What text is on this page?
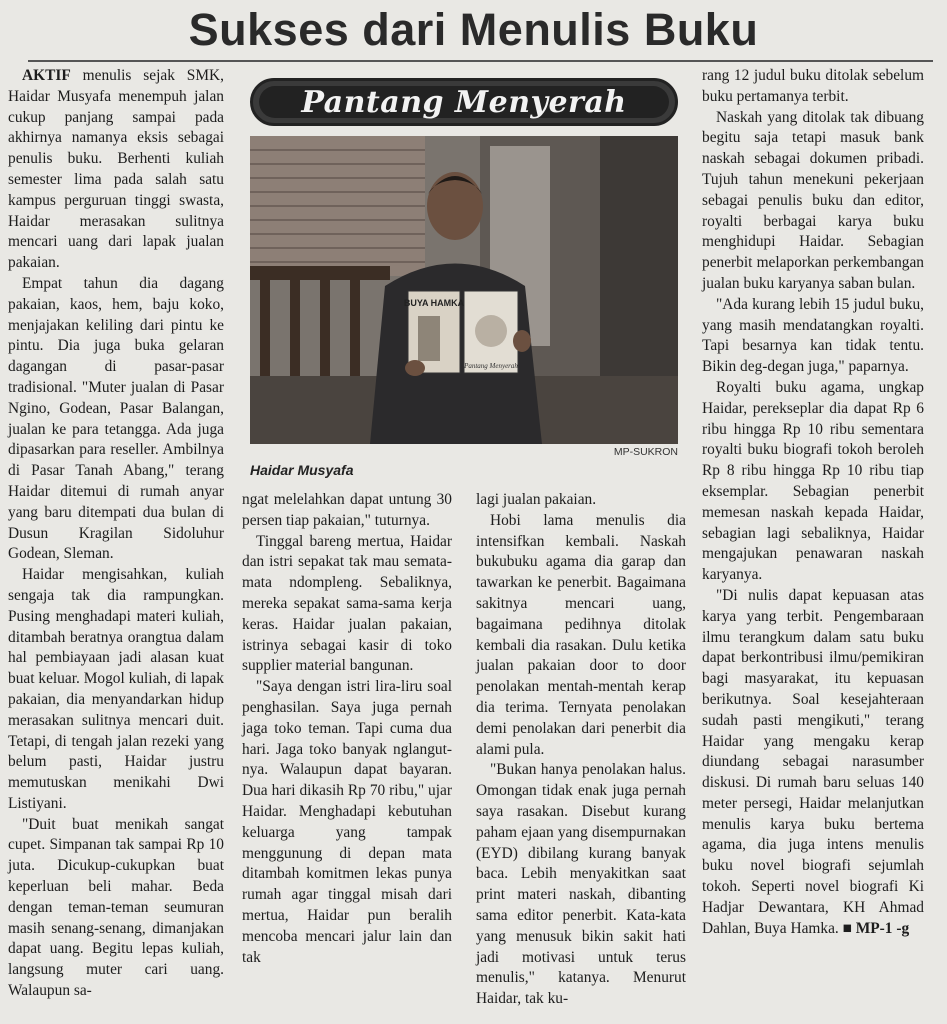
Sukses dari Menulis Buku

AKTIF menulis sejak SMK, Haidar Musyafa menempuh jalan cukup panjang sampai pada akhirnya namanya eksis sebagai penulis buku. Berhenti kuliah semester lima pada salah satu kampus perguruan tinggi swasta, Haidar merasakan sulitnya mencari uang dari lapak jualan pakaian.

Empat tahun dia dagang pakaian, kaos, hem, baju koko, menjajakan keliling dari pintu ke pintu. Dia juga buka gelaran dagangan di pasar-pasar tradisional. "Muter jualan di Pasar Ngino, Godean, Pasar Balangan, jualan ke para tetangga. Ada juga dipasarkan para reseller. Ambilnya di Pasar Tanah Abang," terang Haidar ditemui di rumah anyar yang baru ditempati dua bulan di Dusun Kragilan Sidoluhur Godean, Sleman.

Haidar mengisahkan, kuliah sengaja tak dia rampungkan. Pusing menghadapi materi kuliah, ditambah beratnya orangtua dalam hal pembiayaan jadi alasan kuat buat keluar. Mogol kuliah, di lapak pakaian, dia menyandarkan hidup merasakan sulitnya mencari duit. Tetapi, di tengah jalan rezeki yang belum pasti, Haidar justru memutuskan menikahi Dwi Listiyani.

"Duit buat menikah sangat cupet. Simpanan tak sampai Rp 10 juta. Dicukup-cukupkan buat keperluan beli mahar. Beda dengan teman-teman seumuran masih senang-senang, dimanjakan dapat uang. Begitu lepas kuliah, langsung muter cari uang. Walaupun sa-

Pantang Menyerah
BUYA HAMKA
Pantang Menyerah
MP-SUKRON
Haidar Musyafa

ngat melelahkan dapat untung 30 persen tiap pakaian," tuturnya.

Tinggal bareng mertua, Haidar dan istri sepakat tak mau semata-mata ndompleng. Sebaliknya, mereka sepakat sama-sama kerja keras. Haidar jualan pakaian, istrinya sebagai kasir di toko supplier material bangunan.

"Saya dengan istri lira-liru soal penghasilan. Saya juga pernah jaga toko teman. Tapi cuma dua hari. Jaga toko banyak nglangut-nya. Walaupun dapat bayaran. Dua hari dikasih Rp 70 ribu," ujar Haidar. Menghadapi kebutuhan keluarga yang tampak menggunung di depan mata ditambah komitmen lekas punya rumah agar tinggal misah dari mertua, Haidar pun beralih mencoba mencari jalur lain dan tak

lagi jualan pakaian.

Hobi lama menulis dia intensifkan kembali. Naskah bukubuku agama dia garap dan tawarkan ke penerbit. Bagaimana sakitnya mencari uang, bagaimana pedihnya ditolak kembali dia rasakan. Dulu ketika jualan pakaian door to door penolakan mentah-mentah kerap dia terima. Ternyata penolakan demi penolakan dari penerbit dia alami pula.

"Bukan hanya penolakan halus. Omongan tidak enak juga pernah saya rasakan. Disebut kurang paham ejaan yang disempurnakan (EYD) dibilang kurang banyak baca. Lebih menyakitkan saat print materi naskah, dibanting sama editor penerbit. Kata-kata yang menusuk bikin sakit hati jadi motivasi untuk terus menulis," katanya. Menurut Haidar, tak ku-

rang 12 judul buku ditolak sebelum buku pertamanya terbit.

Naskah yang ditolak tak dibuang begitu saja tetapi masuk bank naskah sebagai dokumen pribadi. Tujuh tahun menekuni pekerjaan sebagai penulis buku dan editor, royalti berbagai karya buku menghidupi Haidar. Sebagian penerbit melaporkan perkembangan jualan buku karyanya saban bulan.

"Ada kurang lebih 15 judul buku, yang masih mendatangkan royalti. Tapi besarnya kan tidak tentu. Bikin deg-degan juga," paparnya.

Royalti buku agama, ungkap Haidar, perekseplar dia dapat Rp 6 ribu hingga Rp 10 ribu sementara royalti buku biografi tokoh beroleh Rp 8 ribu hingga Rp 10 ribu tiap eksemplar. Sebagian penerbit memesan naskah kepada Haidar, sebagian lagi sebaliknya, Haidar mengajukan penawaran naskah karyanya.

"Di nulis dapat kepuasan atas karya yang terbit. Pengembaraan ilmu terangkum dalam satu buku dapat berkontribusi ilmu/pemikiran bagi masyarakat, itu kepuasan berikutnya. Soal kesejahteraan sudah pasti mengikuti," terang Haidar yang mengaku kerap diundang sebagai narasumber diskusi. Di rumah baru seluas 140 meter persegi, Haidar melanjutkan menulis karya buku bertema agama, dia juga intens menulis buku novel biografi sejumlah tokoh. Seperti novel biografi Ki Hadjar Dewantara, KH Ahmad Dahlan, Buya Hamka. ■ MP-1 -g
